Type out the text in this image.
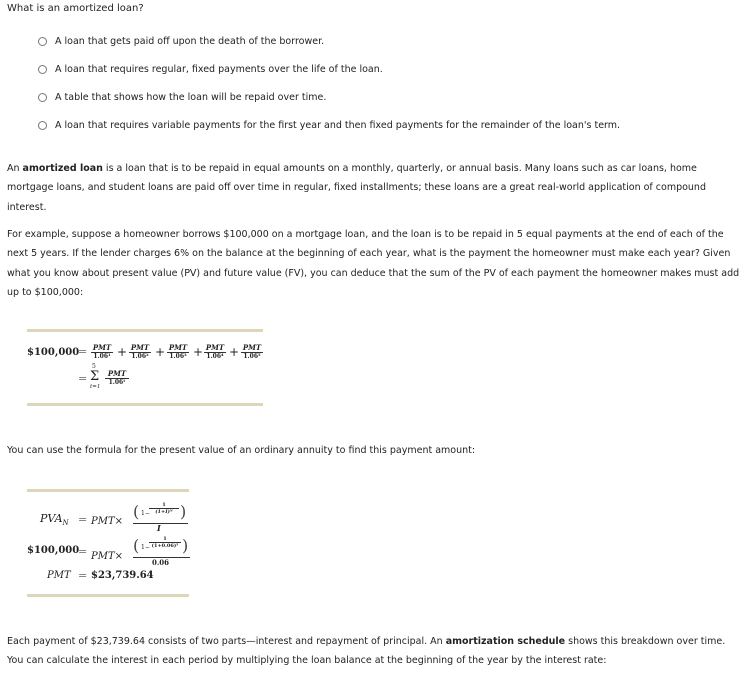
What is an amortized loan?
A loan that gets paid off upon the death of the borrower.
A loan that requires regular, fixed payments over the life of the loan.
A table that shows how the loan will be repaid over time.
A loan that requires variable payments for the first year and then fixed payments for the remainder of the loan's term.
An amortized loan is a loan that is to be repaid in equal amounts on a monthly, quarterly, or annual basis. Many loans such as car loans, home mortgage loans, and student loans are paid off over time in regular, fixed installments; these loans are a great real-world application of compound interest.
For example, suppose a homeowner borrows $100,000 on a mortgage loan, and the loan is to be repaid in 5 equal payments at the end of each of the next 5 years. If the lender charges 6% on the balance at the beginning of each year, what is the payment the homeowner must make each year? Given what you know about present value (PV) and future value (FV), you can deduce that the sum of the PV of each payment the homeowner makes must add up to $100,000:
$100,000
= PMT
1.06¹ + PMT
1.06² + PMT
1.06³ + PMT
1.06⁴ + PMT
1.06⁵
=
5
Σ
t=1
PMT
1.06ᵗ
You can use the formula for the present value of an ordinary annuity to find this payment amount:
$PVA_N = PMT\times$
( $1- \frac{1}{\text{(1+I)ᴺ}}$ )
I
$100,000
= PMT×
( $1- \frac{1}{\text{(1+0.06)⁵}}$ )
0.06
PMT = $23,739.64
Each payment of $23,739.64 consists of two parts—interest and repayment of principal. An amortization schedule shows this breakdown over time. You can calculate the interest in each period by multiplying the loan balance at the beginning of the year by the interest rate:
